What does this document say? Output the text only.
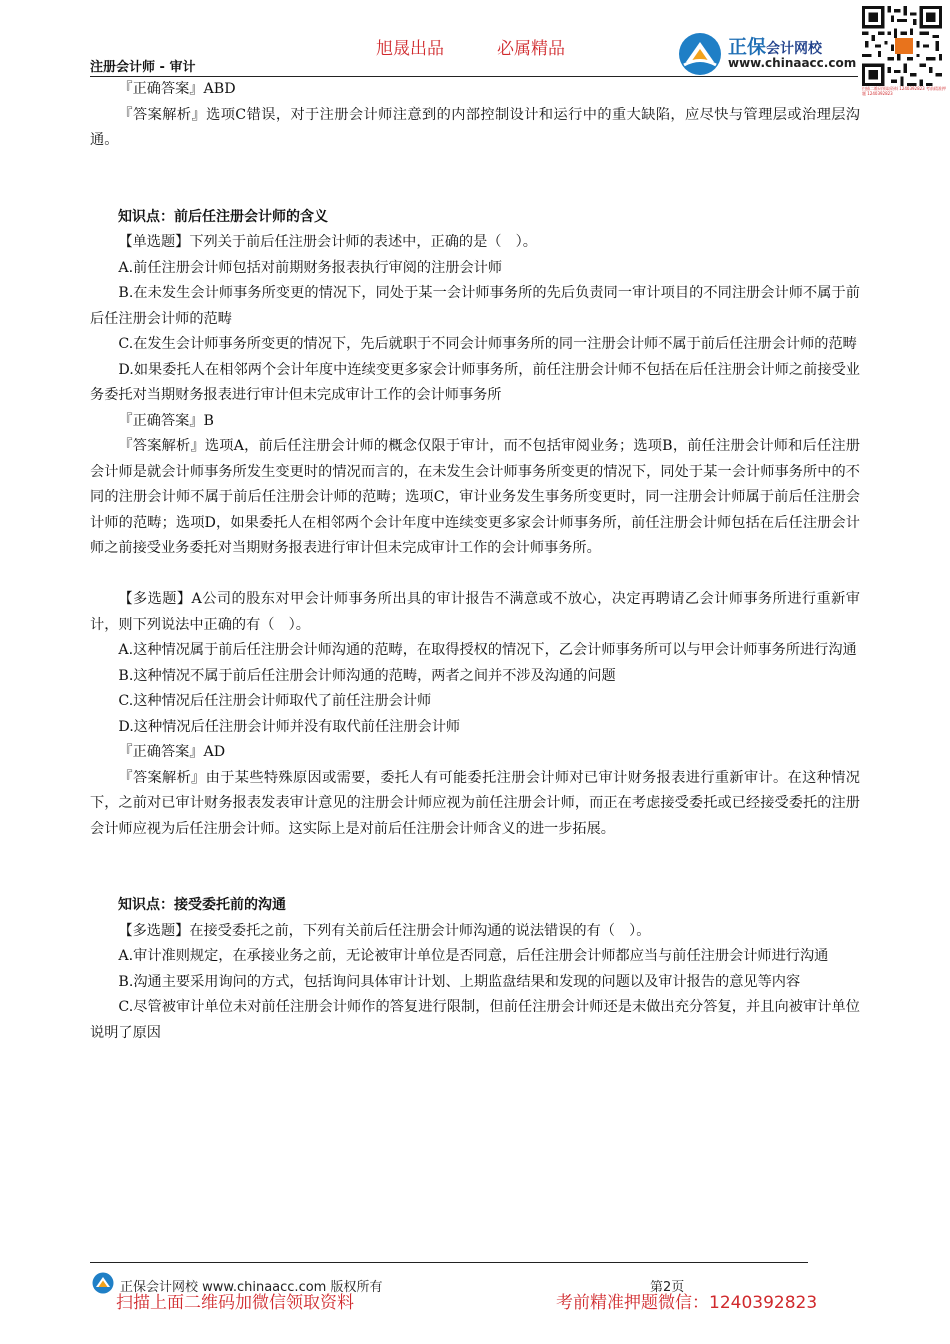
旭晟出品	必属精品
注册会计师 - 审计
正保会计网校
www.chinaacc.com
扫描二维码领取资料 1240392823 考前精准押题 1240392823

『正确答案』ABD

『答案解析』选项C错误，对于注册会计师注意到的内部控制设计和运行中的重大缺陷，应尽快与管理层或治理层沟通。

知识点：前后任注册会计师的含义

【单选题】下列关于前后任注册会计师的表述中，正确的是（　）。

A.前任注册会计师包括对前期财务报表执行审阅的注册会计师

B.在未发生会计师事务所变更的情况下，同处于某一会计师事务所的先后负责同一审计项目的不同注册会计师不属于前后任注册会计师的范畴

C.在发生会计师事务所变更的情况下，先后就职于不同会计师事务所的同一注册会计师不属于前后任注册会计师的范畴

D.如果委托人在相邻两个会计年度中连续变更多家会计师事务所，前任注册会计师不包括在后任注册会计师之前接受业务委托对当期财务报表进行审计但未完成审计工作的会计师事务所

『正确答案』B

『答案解析』选项A，前后任注册会计师的概念仅限于审计，而不包括审阅业务；选项B，前任注册会计师和后任注册会计师是就会计师事务所发生变更时的情况而言的，在未发生会计师事务所变更的情况下，同处于某一会计师事务所中的不同的注册会计师不属于前后任注册会计师的范畴；选项C，审计业务发生事务所变更时，同一注册会计师属于前后任注册会计师的范畴；选项D，如果委托人在相邻两个会计年度中连续变更多家会计师事务所，前任注册会计师包括在后任注册会计师之前接受业务委托对当期财务报表进行审计但未完成审计工作的会计师事务所。

【多选题】A公司的股东对甲会计师事务所出具的审计报告不满意或不放心，决定再聘请乙会计师事务所进行重新审计，则下列说法中正确的有（　）。

A.这种情况属于前后任注册会计师沟通的范畴，在取得授权的情况下，乙会计师事务所可以与甲会计师事务所进行沟通

B.这种情况不属于前后任注册会计师沟通的范畴，两者之间并不涉及沟通的问题

C.这种情况后任注册会计师取代了前任注册会计师

D.这种情况后任注册会计师并没有取代前任注册会计师

『正确答案』AD

『答案解析』由于某些特殊原因或需要，委托人有可能委托注册会计师对已审计财务报表进行重新审计。在这种情况下，之前对已审计财务报表发表审计意见的注册会计师应视为前任注册会计师，而正在考虑接受委托或已经接受委托的注册会计师应视为后任注册会计师。这实际上是对前后任注册会计师含义的进一步拓展。

知识点：接受委托前的沟通

【多选题】在接受委托之前，下列有关前后任注册会计师沟通的说法错误的有（　）。

A.审计准则规定，在承接业务之前，无论被审计单位是否同意，后任注册会计师都应当与前任注册会计师进行沟通

B.沟通主要采用询问的方式，包括询问具体审计计划、上期监盘结果和发现的问题以及审计报告的意见等内容

C.尽管被审计单位未对前任注册会计师作的答复进行限制，但前任注册会计师还是未做出充分答复，并且向被审计单位说明了原因

正保会计网校 www.chinaacc.com 版权所有	第2页
扫描上面二维码加微信领取资料	考前精准押题微信：1240392823
